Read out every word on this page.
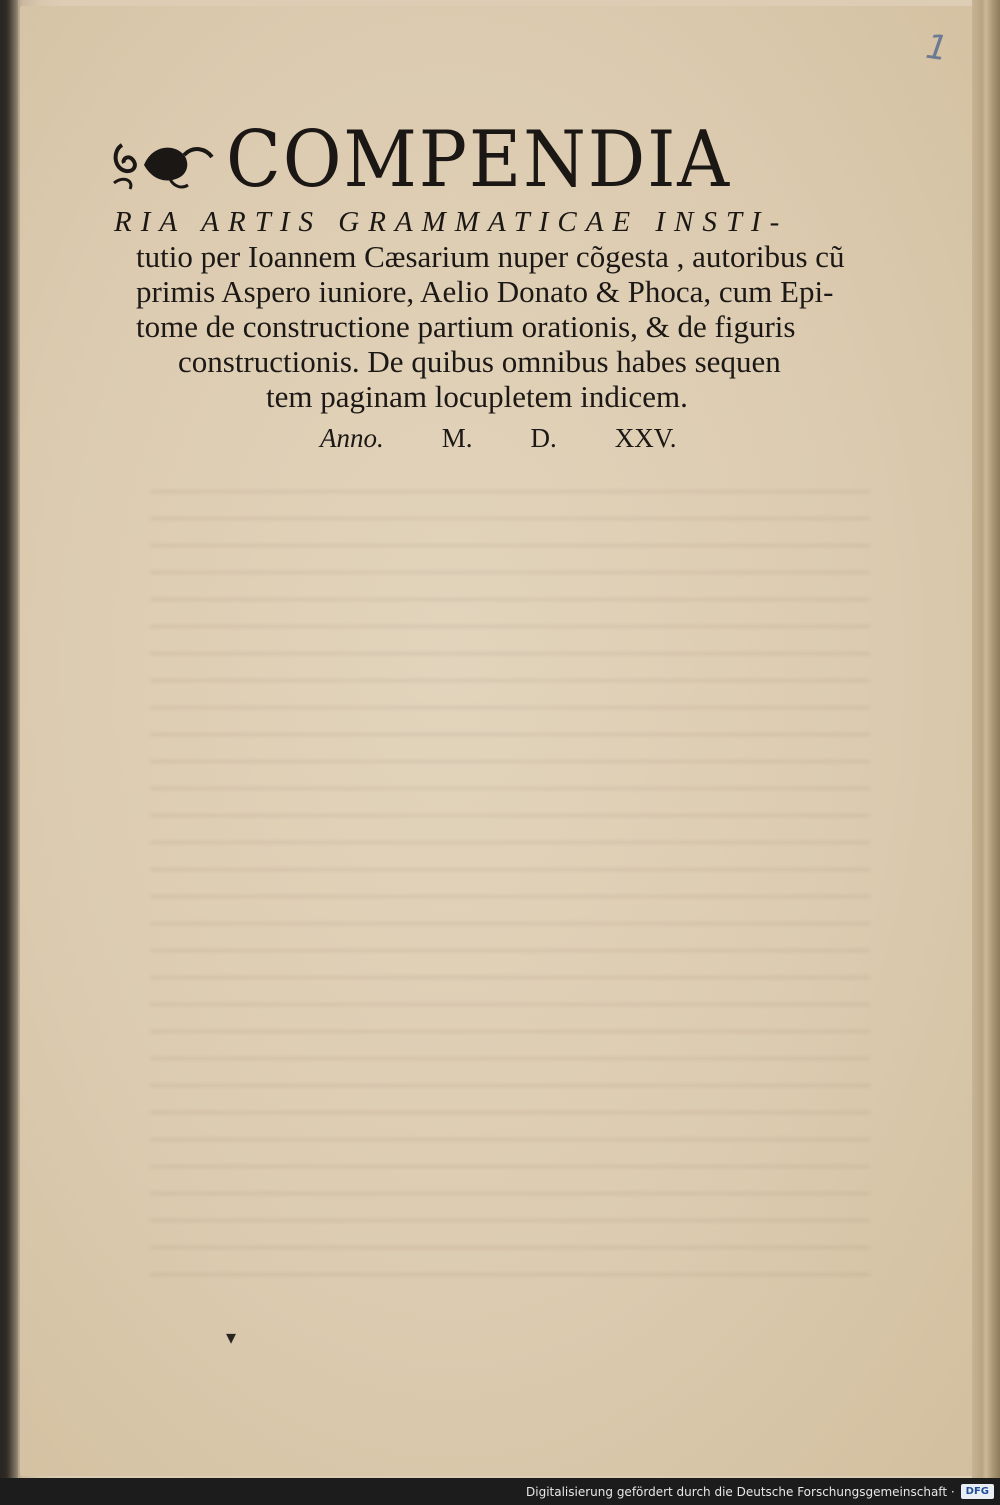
1
COMPENDIA
RIA ARTIS GRAMMATICAE INSTI-
tutio per Ioannem Cæsarium nuper cõgesta , autoribus cũ
primis Aspero iuniore, Aelio Donato & Phoca, cum Epi-
tome de constructione partium orationis, & de figuris
constructionis. De quibus omnibus habes sequen
tem paginam locupletem indicem.
Anno. M. D. XXV.
▾
Digitalisierung gefördert durch die Deutsche Forschungsgemeinschaft ·	DFG
